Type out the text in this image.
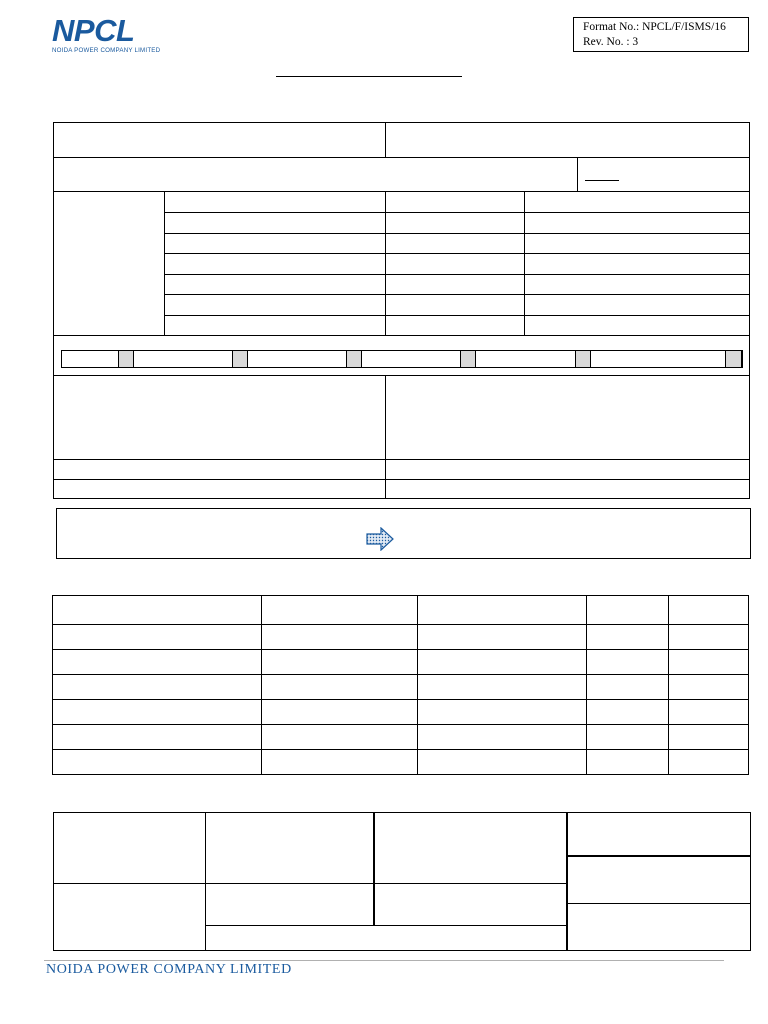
NPCL
NOIDA POWER COMPANY LIMITED
Format No.: NPCL/F/ISMS/16
Rev. No. : 3

NOIDA POWER COMPANY LIMITED
